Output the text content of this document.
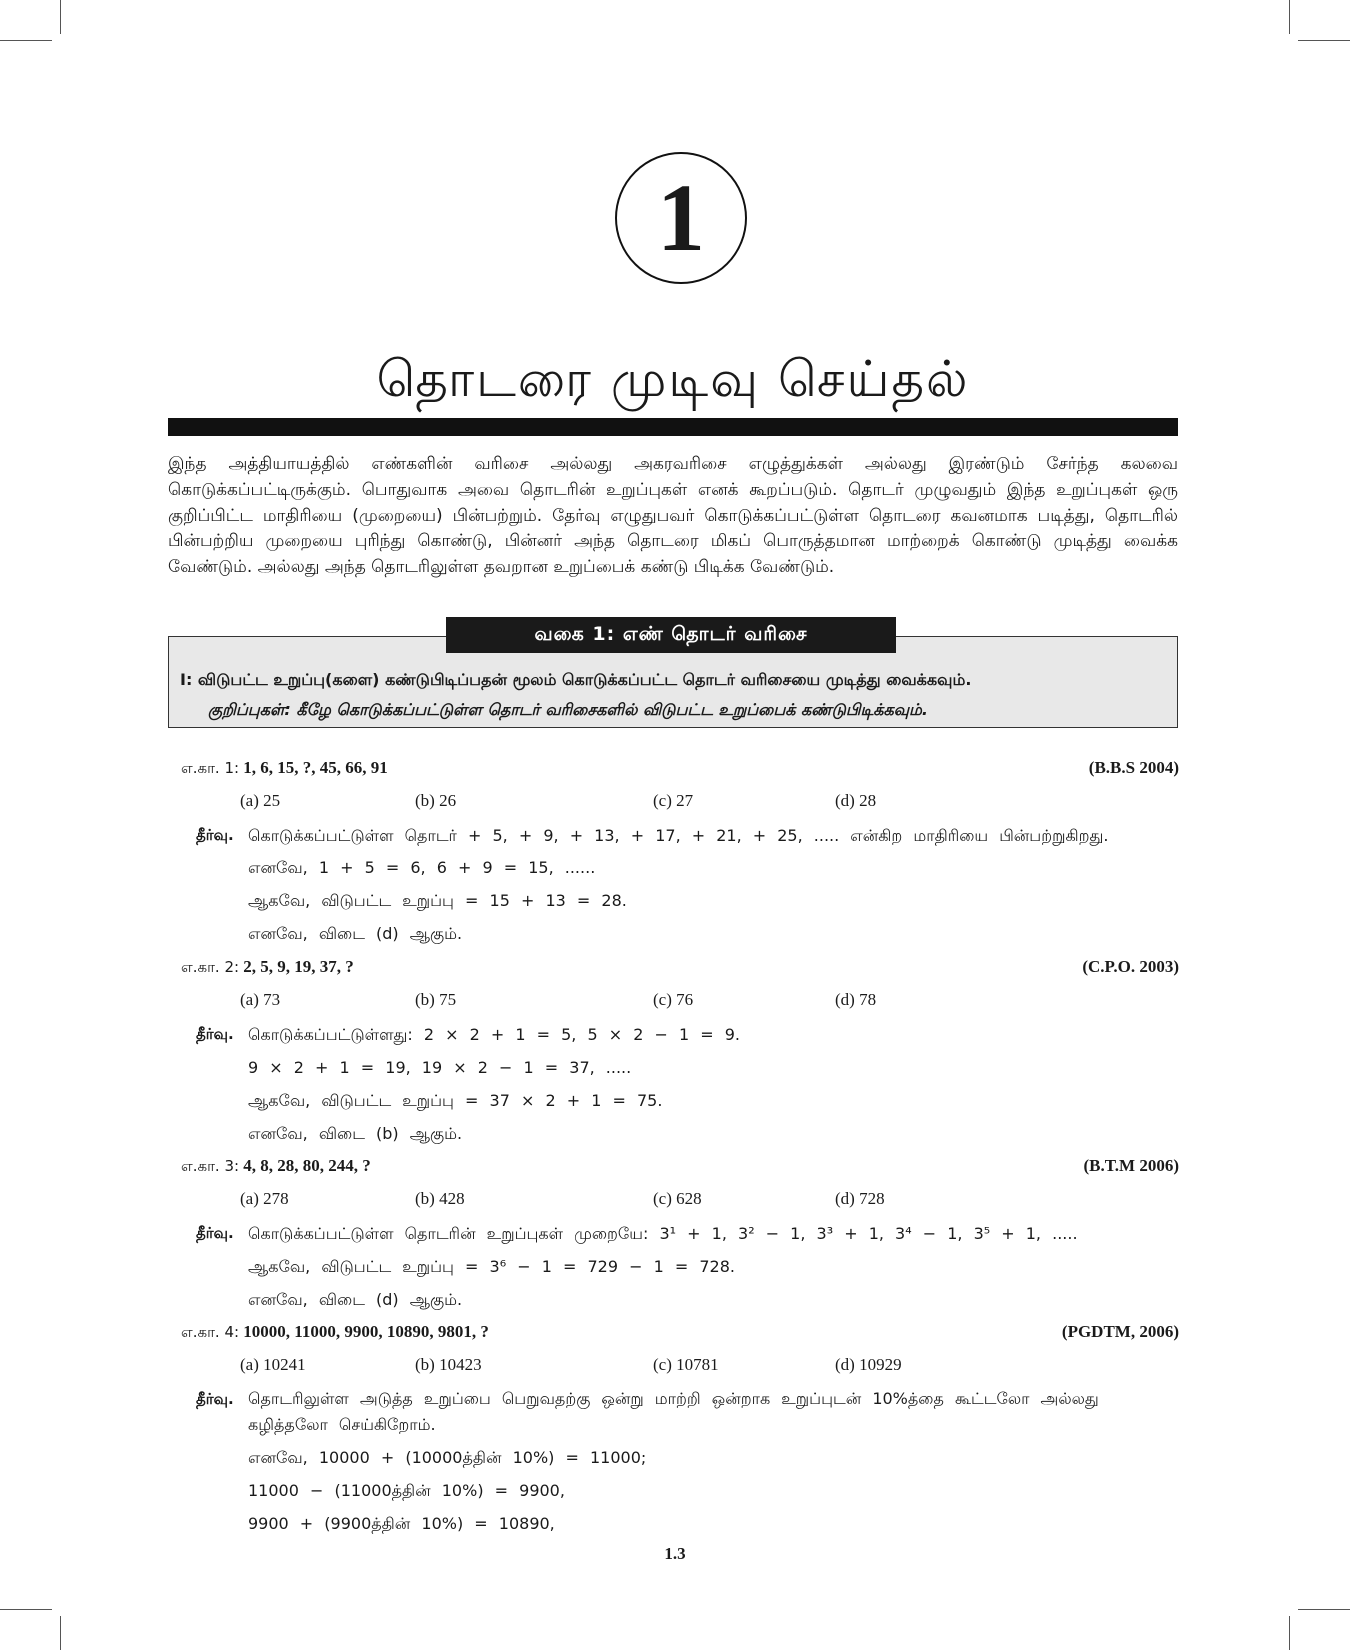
1
தொடரை முடிவு செய்தல்
இந்த அத்தியாயத்தில் எண்களின் வரிசை அல்லது அகரவரிசை எழுத்துக்கள் அல்லது இரண்டும் சேர்ந்த கலவை கொடுக்கப்பட்டிருக்கும். பொதுவாக அவை தொடரின் உறுப்புகள் எனக் கூறப்படும். தொடர் முழுவதும் இந்த உறுப்புகள் ஒரு குறிப்பிட்ட மாதிரியை (முறையை) பின்பற்றும். தேர்வு எழுதுபவர் கொடுக்கப்பட்டுள்ள தொடரை கவனமாக படித்து, தொடரில் பின்பற்றிய முறையை புரிந்து கொண்டு, பின்னர் அந்த தொடரை மிகப் பொருத்தமான மாற்றைக் கொண்டு முடித்து வைக்க வேண்டும். அல்லது அந்த தொடரிலுள்ள தவறான உறுப்பைக் கண்டு பிடிக்க வேண்டும்.
வகை 1: எண் தொடர் வரிசை
I: விடுபட்ட உறுப்பு(களை) கண்டுபிடிப்பதன் மூலம் கொடுக்கப்பட்ட தொடர் வரிசையை முடித்து வைக்கவும்.
குறிப்புகள்: கீழே கொடுக்கப்பட்டுள்ள தொடர் வரிசைகளில் விடுபட்ட உறுப்பைக் கண்டுபிடிக்கவும்.
எ.கா. 1: 1, 6, 15, ?, 45, 66, 91	(B.B.S 2004)
(a) 25	(b) 26	(c) 27	(d) 28
தீர்வு. கொடுக்கப்பட்டுள்ள தொடர் + 5, + 9, + 13, + 17, + 21, + 25, ..... என்கிற மாதிரியை பின்பற்றுகிறது.
எனவே, 1 + 5 = 6, 6 + 9 = 15, ......
ஆகவே, விடுபட்ட உறுப்பு = 15 + 13 = 28.
எனவே, விடை (d) ஆகும்.
எ.கா. 2: 2, 5, 9, 19, 37, ?	(C.P.O. 2003)
(a) 73	(b) 75	(c) 76	(d) 78
தீர்வு. கொடுக்கப்பட்டுள்ளது: 2 × 2 + 1 = 5, 5 × 2 − 1 = 9.
9 × 2 + 1 = 19, 19 × 2 − 1 = 37, .....
ஆகவே, விடுபட்ட உறுப்பு = 37 × 2 + 1 = 75.
எனவே, விடை (b) ஆகும்.
எ.கா. 3: 4, 8, 28, 80, 244, ?	(B.T.M 2006)
(a) 278	(b) 428	(c) 628	(d) 728
தீர்வு. கொடுக்கப்பட்டுள்ள தொடரின் உறுப்புகள் முறையே: 3¹ + 1, 3² − 1, 3³ + 1, 3⁴ − 1, 3⁵ + 1, .....
ஆகவே, விடுபட்ட உறுப்பு = 3⁶ − 1 = 729 − 1 = 728.
எனவே, விடை (d) ஆகும்.
எ.கா. 4: 10000, 11000, 9900, 10890, 9801, ?	(PGDTM, 2006)
(a) 10241	(b) 10423	(c) 10781	(d) 10929
தீர்வு. தொடரிலுள்ள அடுத்த உறுப்பை பெறுவதற்கு ஒன்று மாற்றி ஒன்றாக உறுப்புடன் 10%த்தை கூட்டலோ அல்லது கழித்தலோ செய்கிறோம்.
எனவே, 10000 + (10000த்தின் 10%) = 11000;
11000 − (11000த்தின் 10%) = 9900,
9900 + (9900த்தின் 10%) = 10890,
1.3
